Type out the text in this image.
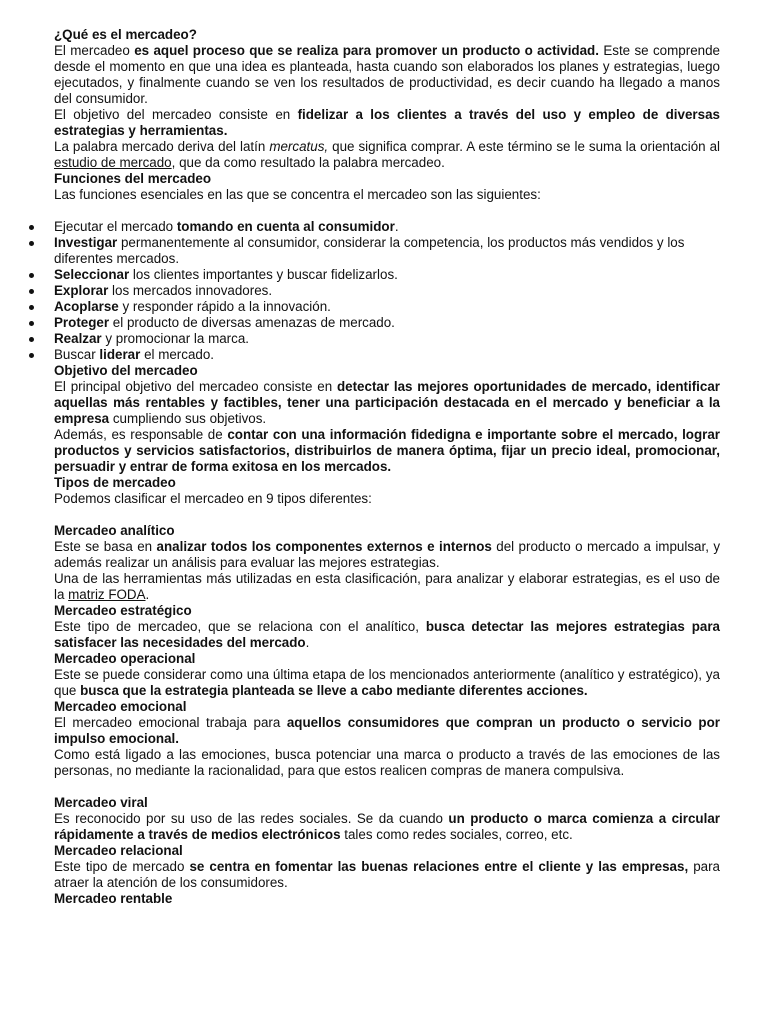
¿Qué es el mercadeo?

El mercadeo es aquel proceso que se realiza para promover un producto o actividad. Este se comprende desde el momento en que una idea es planteada, hasta cuando son elaborados los planes y estrategias, luego ejecutados, y finalmente cuando se ven los resultados de productividad, es decir cuando ha llegado a manos del consumidor.

El objetivo del mercadeo consiste en fidelizar a los clientes a través del uso y empleo de diversas estrategias y herramientas.

La palabra mercado deriva del latín mercatus, que significa comprar. A este término se le suma la orientación al estudio de mercado, que da como resultado la palabra mercadeo.

Funciones del mercadeo

Las funciones esenciales en las que se concentra el mercadeo son las siguientes:

Ejecutar el mercado tomando en cuenta al consumidor.
Investigar permanentemente al consumidor, considerar la competencia, los productos más vendidos y los diferentes mercados.
Seleccionar los clientes importantes y buscar fidelizarlos.
Explorar los mercados innovadores.
Acoplarse y responder rápido a la innovación.
Proteger el producto de diversas amenazas de mercado.
Realzar y promocionar la marca.
Buscar liderar el mercado.
Objetivo del mercadeo

El principal objetivo del mercadeo consiste en detectar las mejores oportunidades de mercado, identificar aquellas más rentables y factibles, tener una participación destacada en el mercado y beneficiar a la empresa cumpliendo sus objetivos.

Además, es responsable de contar con una información fidedigna e importante sobre el mercado, lograr productos y servicios satisfactorios, distribuirlos de manera óptima, fijar un precio ideal, promocionar, persuadir y entrar de forma exitosa en los mercados.

Tipos de mercadeo

Podemos clasificar el mercadeo en 9 tipos diferentes:

Mercadeo analítico

Este se basa en analizar todos los componentes externos e internos del producto o mercado a impulsar, y además realizar un análisis para evaluar las mejores estrategias.

Una de las herramientas más utilizadas en esta clasificación, para analizar y elaborar estrategias, es el uso de la matriz FODA.

Mercadeo estratégico

Este tipo de mercadeo, que se relaciona con el analítico, busca detectar las mejores estrategias para satisfacer las necesidades del mercado.

Mercadeo operacional

Este se puede considerar como una última etapa de los mencionados anteriormente (analítico y estratégico), ya que busca que la estrategia planteada se lleve a cabo mediante diferentes acciones.

Mercadeo emocional

El mercadeo emocional trabaja para aquellos consumidores que compran un producto o servicio por impulso emocional.

Como está ligado a las emociones, busca potenciar una marca o producto a través de las emociones de las personas, no mediante la racionalidad, para que estos realicen compras de manera compulsiva.

Mercadeo viral

Es reconocido por su uso de las redes sociales. Se da cuando un producto o marca comienza a circular rápidamente a través de medios electrónicos tales como redes sociales, correo, etc.

Mercadeo relacional

Este tipo de mercado se centra en fomentar las buenas relaciones entre el cliente y las empresas, para atraer la atención de los consumidores.

Mercadeo rentable
